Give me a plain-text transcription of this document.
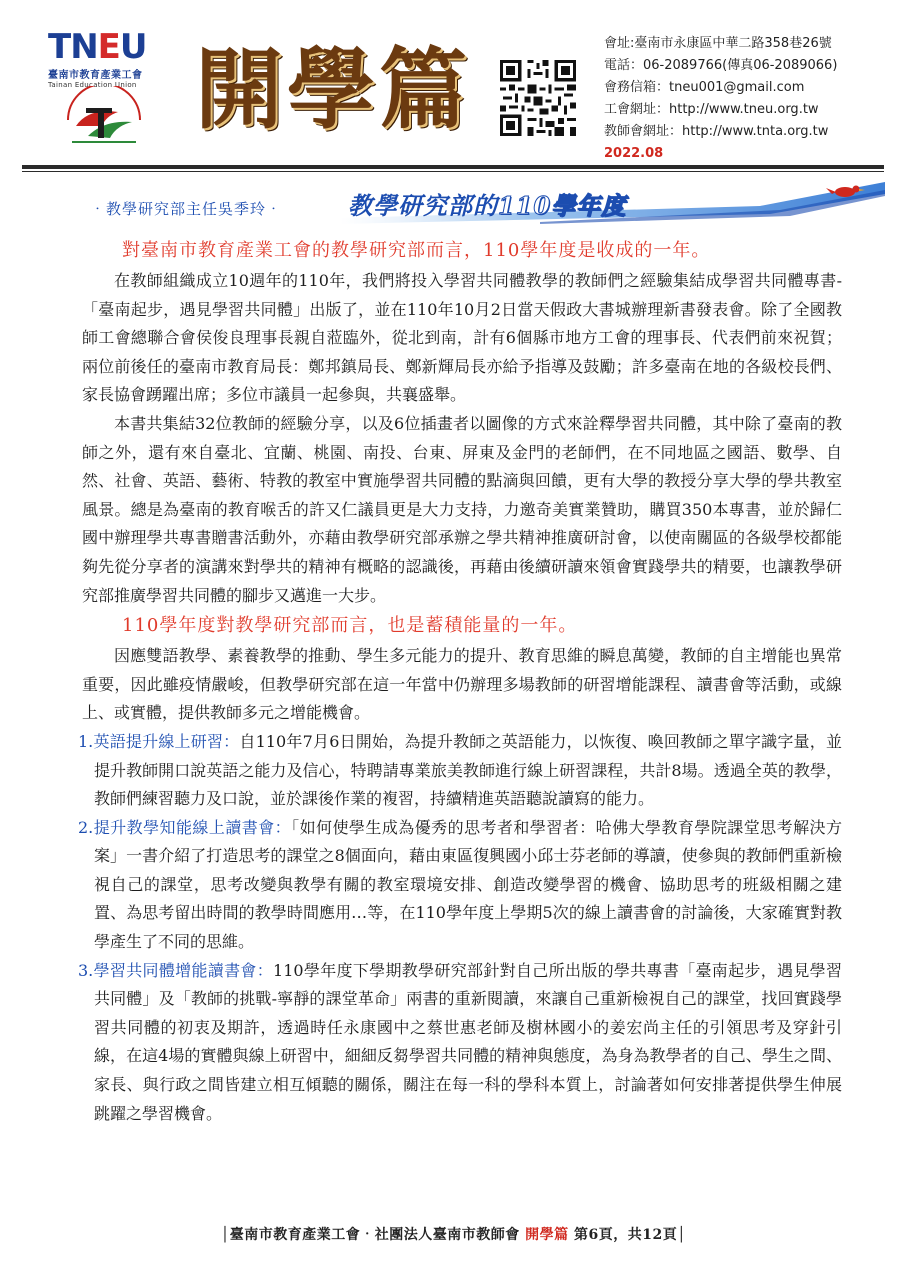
TNEU
臺南市教育產業工會
Tainan Education Union 開學篇	會址:臺南市永康區中華二路358巷26號
電話：06-2089766(傳真06-2089066)
會務信箱：tneu001@gmail.com
工會網址：http://www.tneu.org.tw
教師會網址：http://www.tnta.org.tw
2022.08
‧教學研究部主任吳季玲‧	教學研究部的110學年度
對臺南市教育產業工會的教學研究部而言，110學年度是收成的一年。
在教師組織成立10週年的110年，我們將投入學習共同體教學的教師們之經驗集結成學習共同體專書-「臺南起步，遇見學習共同體」出版了，並在110年10月2日當天假政大書城辦理新書發表會。除了全國教師工會總聯合會侯俊良理事長親自蒞臨外，從北到南，計有6個縣市地方工會的理事長、代表們前來祝賀；兩位前後任的臺南市教育局長：鄭邦鎮局長、鄭新輝局長亦給予指導及鼓勵；許多臺南在地的各級校長們、家長協會踴躍出席；多位市議員一起參與，共襄盛舉。
本書共集結32位教師的經驗分享，以及6位插畫者以圖像的方式來詮釋學習共同體，其中除了臺南的教師之外，還有來自臺北、宜蘭、桃園、南投、台東、屏東及金門的老師們，在不同地區之國語、數學、自然、社會、英語、藝術、特教的教室中實施學習共同體的點滴與回饋，更有大學的教授分享大學的學共教室風景。總是為臺南的教育喉舌的許又仁議員更是大力支持，力邀奇美實業贊助，購買350本專書，並於歸仁國中辦理學共專書贈書活動外，亦藉由教學研究部承辦之學共精神推廣研討會，以使南關區的各級學校都能夠先從分享者的演講來對學共的精神有概略的認識後，再藉由後續研讀來領會實踐學共的精要，也讓教學研究部推廣學習共同體的腳步又邁進一大步。
110學年度對教學研究部而言，也是蓄積能量的一年。
因應雙語教學、素養教學的推動、學生多元能力的提升、教育思維的瞬息萬變，教師的自主增能也異常重要，因此雖疫情嚴峻，但教學研究部在這一年當中仍辦理多場教師的研習增能課程、讀書會等活動，或線上、或實體，提供教師多元之增能機會。
1.英語提升線上研習：自110年7月6日開始，為提升教師之英語能力，以恢復、喚回教師之單字識字量，並提升教師開口說英語之能力及信心，特聘請專業旅美教師進行線上研習課程，共計8場。透過全英的教學，教師們練習聽力及口說，並於課後作業的複習，持續精進英語聽說讀寫的能力。
2.提升教學知能線上讀書會：「如何使學生成為優秀的思考者和學習者：哈佛大學教育學院課堂思考解決方案」一書介紹了打造思考的課堂之8個面向，藉由東區復興國小邱士芬老師的導讀，使參與的教師們重新檢視自己的課堂，思考改變與教學有關的教室環境安排、創造改變學習的機會、協助思考的班級相關之建置、為思考留出時間的教學時間應用…等，在110學年度上學期5次的線上讀書會的討論後，大家確實對教學產生了不同的思維。
3.學習共同體增能讀書會：110學年度下學期教學研究部針對自己所出版的學共專書「臺南起步，遇見學習共同體」及「教師的挑戰-寧靜的課堂革命」兩書的重新閱讀，來讓自己重新檢視自己的課堂，找回實踐學習共同體的初衷及期許，透過時任永康國中之蔡世惠老師及樹林國小的姜宏尚主任的引領思考及穿針引線，在這4場的實體與線上研習中，細細反芻學習共同體的精神與態度，為身為教學者的自己、學生之間、家長、與行政之間皆建立相互傾聽的關係，關注在每一科的學科本質上，討論著如何安排著提供學生伸展跳躍之學習機會。
│臺南市教育產業工會‧社團法人臺南市教師會 開學篇 第6頁，共12頁│
